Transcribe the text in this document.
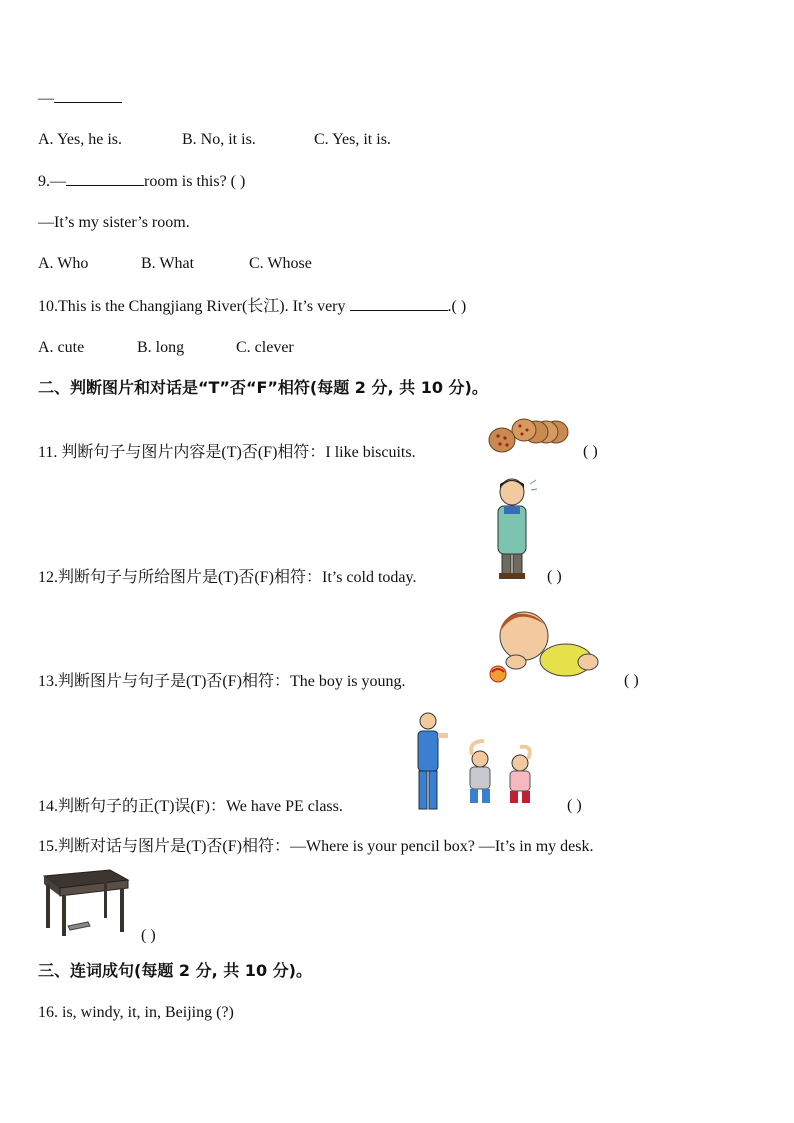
—
A. Yes, he is.	B. No, it is.	C. Yes, it is.
9.—	room is this? ( )
—It’s my sister’s room.
A. Who	B. What	C. Whose
10.This is the Changjiang River(长江). It’s very	.( )
A. cute	B. long	C. clever
二、判断图片和对话是“T”否“F”相符(每题 2 分, 共 10 分)。
11. 判断句子与图片内容是(T)否(F)相符：I like biscuits.	( )
12.判断句子与所给图片是(T)否(F)相符：It’s cold today.	( )
13.判断图片与句子是(T)否(F)相符：The boy is young.	( )
14.判断句子的正(T)误(F)：We have PE class.	( )
15.判断对话与图片是(T)否(F)相符：—Where is your pencil box? —It’s in my desk.
( )
三、连词成句(每题 2 分, 共 10 分)。
16. is, windy, it, in, Beijing (?)
